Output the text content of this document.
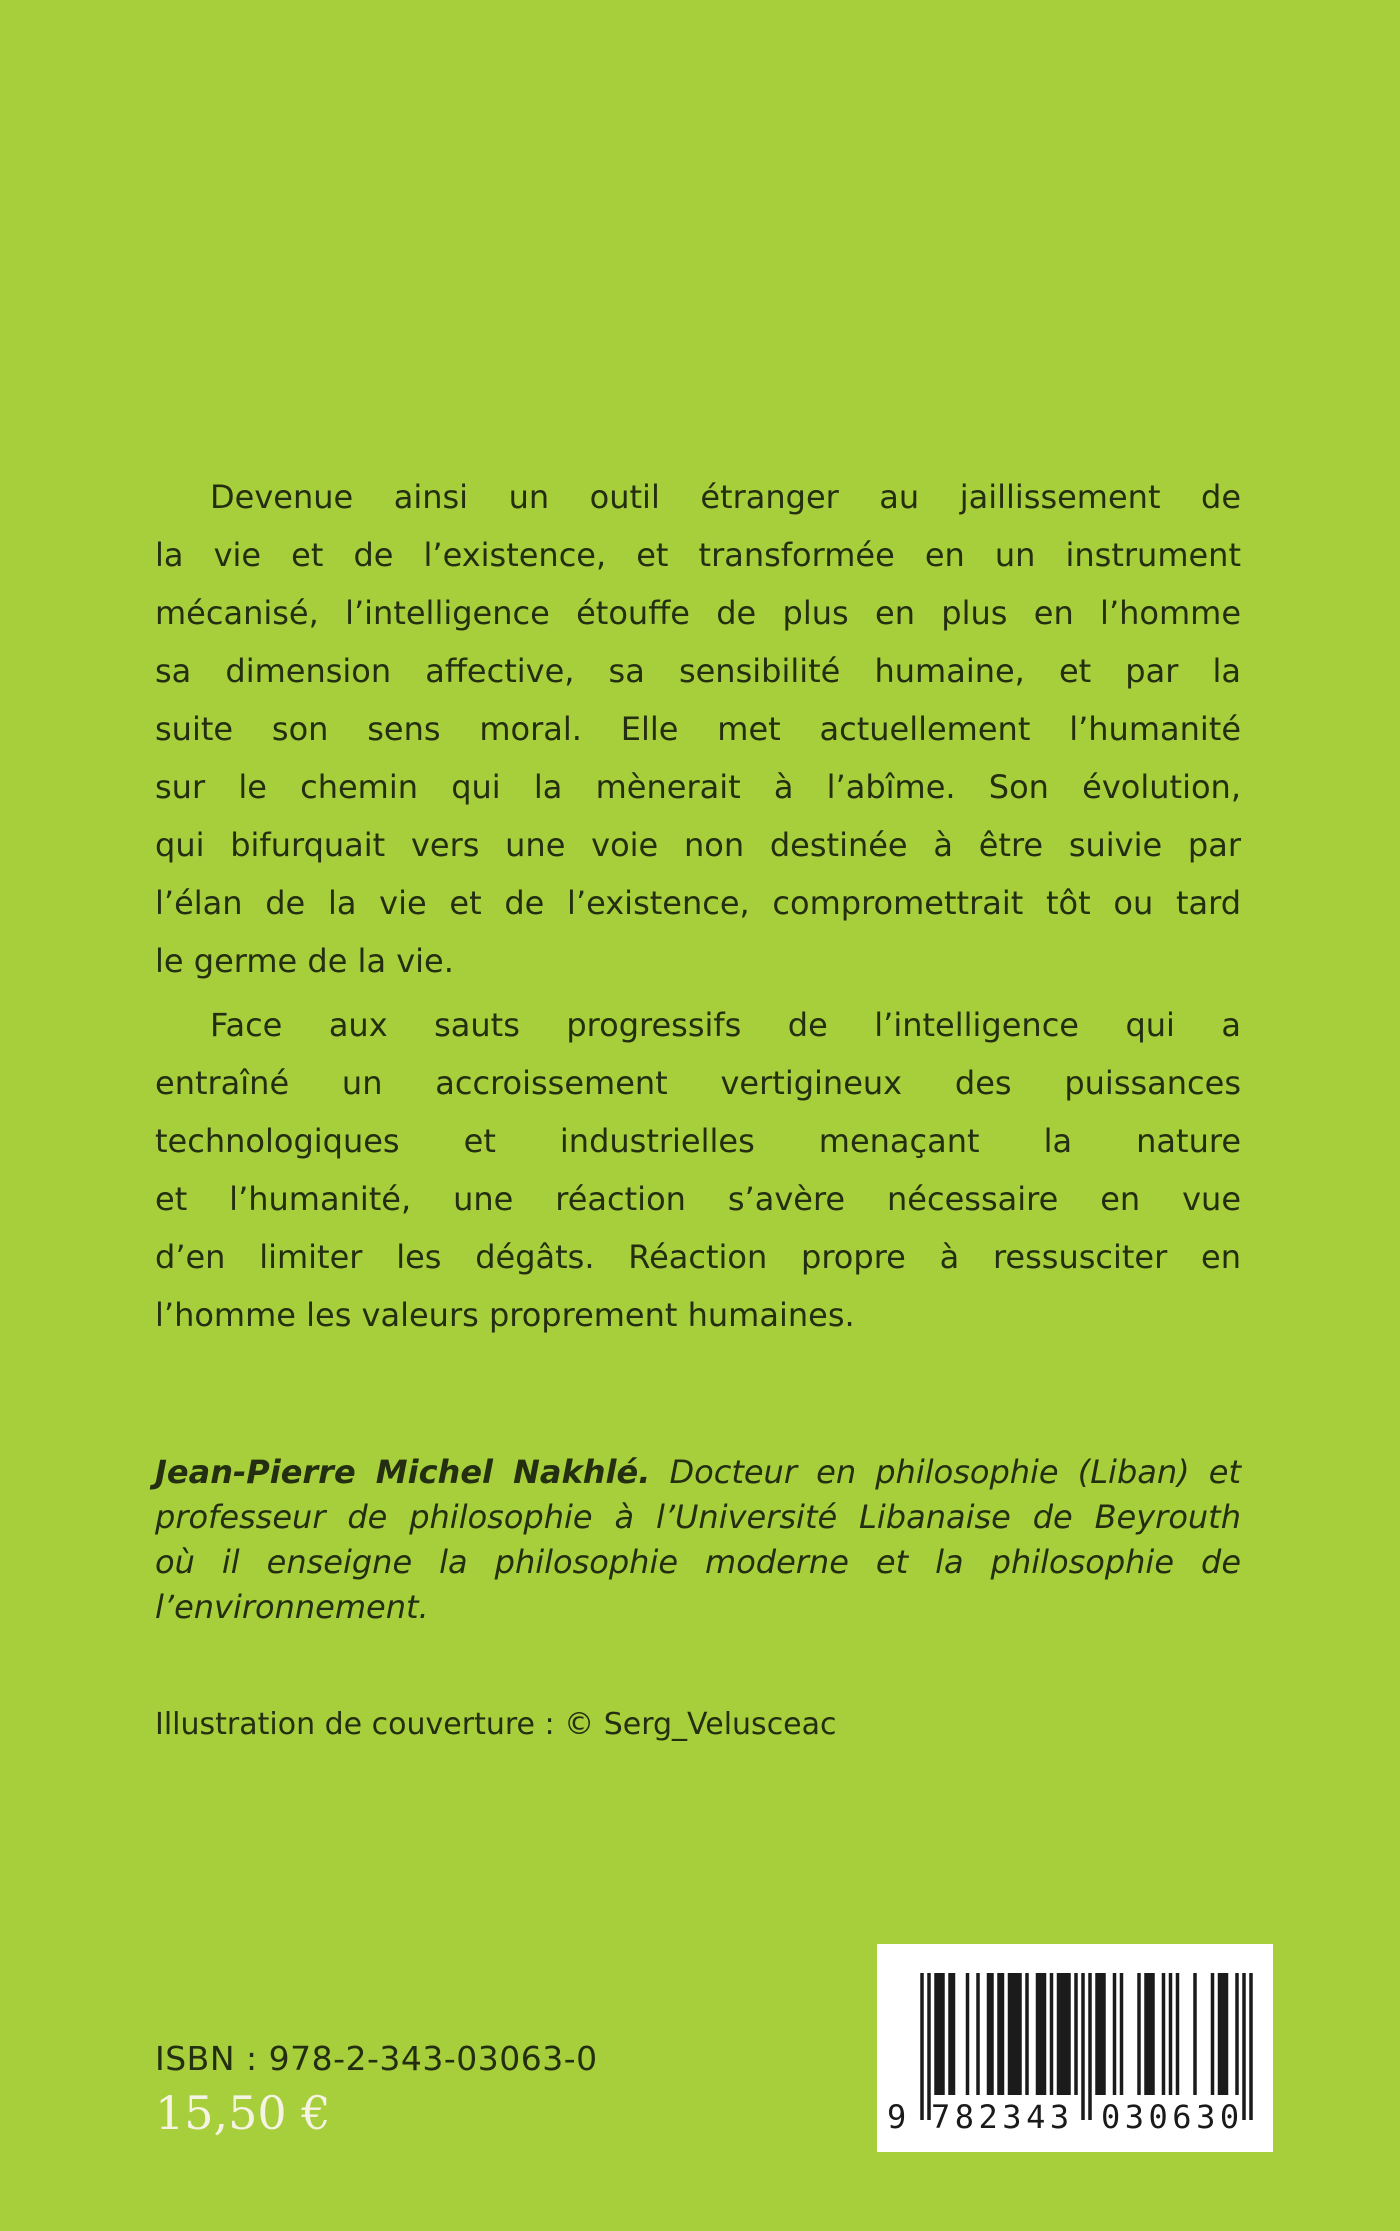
Devenue ainsi un outil étranger au jaillissement de
la vie et de l’existence, et transformée en un instrument
mécanisé, l’intelligence étouffe de plus en plus en l’homme
sa dimension affective, sa sensibilité humaine, et par la
suite son sens moral. Elle met actuellement l’humanité
sur le chemin qui la mènerait à l’abîme. Son évolution,
qui bifurquait vers une voie non destinée à être suivie par
l’élan de la vie et de l’existence, compromettrait tôt ou tard
le germe de la vie.
Face aux sauts progressifs de l’intelligence qui a
entraîné un accroissement vertigineux des puissances
technologiques et industrielles menaçant la nature
et l’humanité, une réaction s’avère nécessaire en vue
d’en limiter les dégâts. Réaction propre à ressusciter en
l’homme les valeurs proprement humaines.
Jean-Pierre Michel Nakhlé. Docteur en philosophie (Liban) et
professeur de philosophie à l’Université Libanaise de Beyrouth
où il enseigne la philosophie moderne et la philosophie de
l’environnement.
Illustration de couverture : © Serg_Velusceac
ISBN : 978-2-343-03063-0
15,50 €	9 782343 030630
